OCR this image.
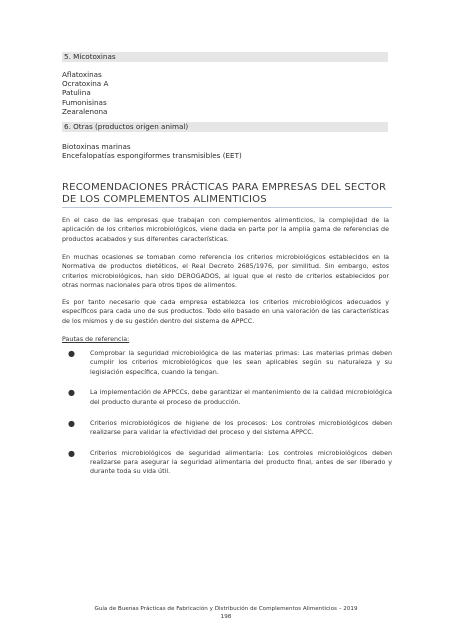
5. Micotoxinas
Aflatoxinas
Ocratoxina A
Patulina
Fumonisinas
Zearalenona
6. Otras (productos origen animal)
Biotoxinas marinas
Encefalopatías espongiformes transmisibles (EET)
RECOMENDACIONES PRÁCTICAS PARA EMPRESAS DEL SECTOR DE LOS COMPLEMENTOS ALIMENTICIOS
En el caso de las empresas que trabajan con complementos alimenticios, la complejidad de la aplicación de los criterios microbiológicos, viene dada en parte por la amplia gama de referencias de productos acabados y sus diferentes características.
En muchas ocasiones se tomaban como referencia los criterios microbiológicos establecidos en la Normativa de productos dietéticos, el Real Decreto 2685/1976, por similitud. Sin embargo, estos criterios microbiológicos, han sido DEROGADOS, al igual que el resto de criterios establecidos por otras normas nacionales para otros tipos de alimentos.
Es por tanto necesario que cada empresa establezca los criterios microbiológicos adecuados y específicos para cada uno de sus productos. Todo ello basado en una valoración de las características de los mismos y de su gestión dentro del sistema de APPCC.
Pautas de referencia:
● Comprobar la seguridad microbiológica de las materias primas: Las materias primas deben cumplir los criterios microbiológicos que les sean aplicables según su naturaleza y su legislación específica, cuando la tengan.
● La implementación de APPCCs, debe garantizar el mantenimiento de la calidad microbiológica del producto durante el proceso de producción.
● Criterios microbiológicos de higiene de los procesos: Los controles microbiológicos deben realizarse para validar la efectividad del proceso y del sistema APPCC.
● Criterios microbiológicos de seguridad alimentaria: Los controles microbiológicos deben realizarse para asegurar la seguridad alimentaria del producto final, antes de ser liberado y durante toda su vida útil.
Guía de Buenas Prácticas de Fabricación y Distribución de Complementos Alimenticios – 2019
198
